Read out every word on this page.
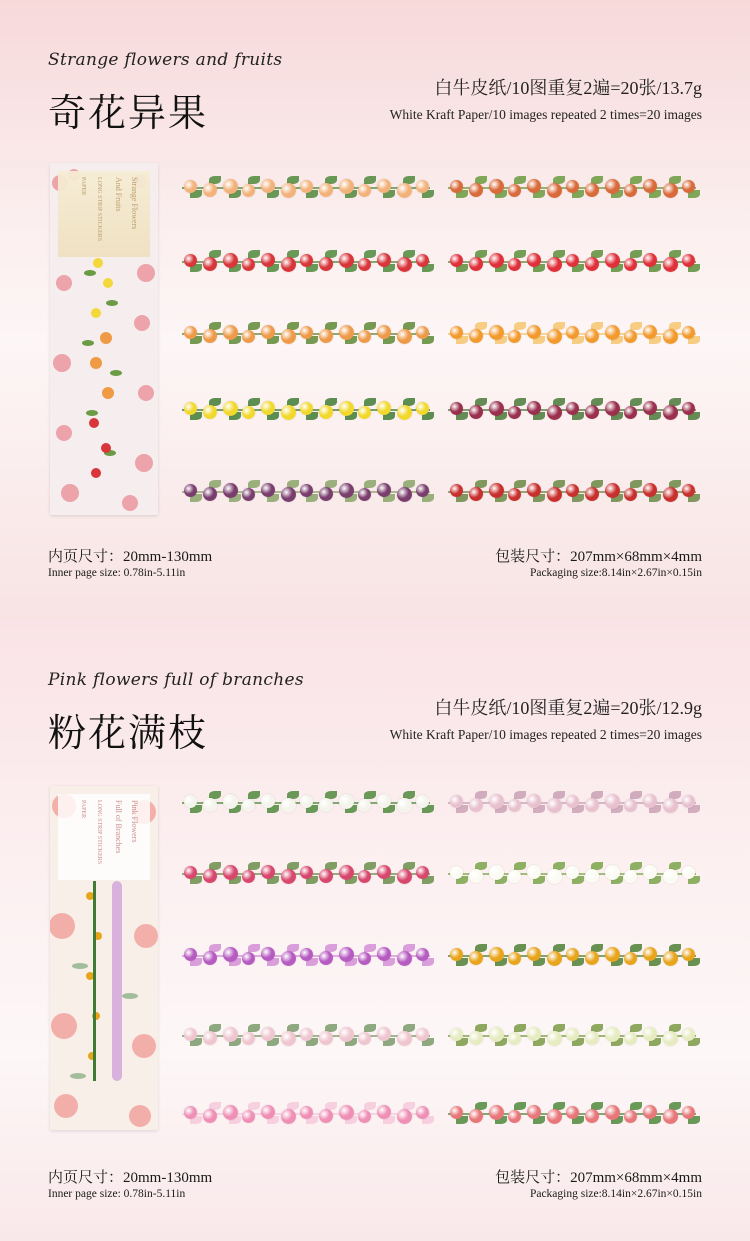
Strange flowers and fruits
奇花异果
白牛皮纸/10图重复2遍=20张/13.7g
White Kraft Paper/10 images repeated 2 times=20 images
Strange Flowers
And Fruits
LONG STRIP STICKERS
PAPER
内页尺寸：20mm-130mm
Inner page size: 0.78in-5.11in
包装尺寸：207mm×68mm×4mm
Packaging size:8.14in×2.67in×0.15in
Pink flowers full of branches
粉花满枝
白牛皮纸/10图重复2遍=20张/12.9g
White Kraft Paper/10 images repeated 2 times=20 images
Pink Flowers
Full of Branches
LONG STRIP STICKERS
PAPER
内页尺寸：20mm-130mm
Inner page size: 0.78in-5.11in
包装尺寸：207mm×68mm×4mm
Packaging size:8.14in×2.67in×0.15in
